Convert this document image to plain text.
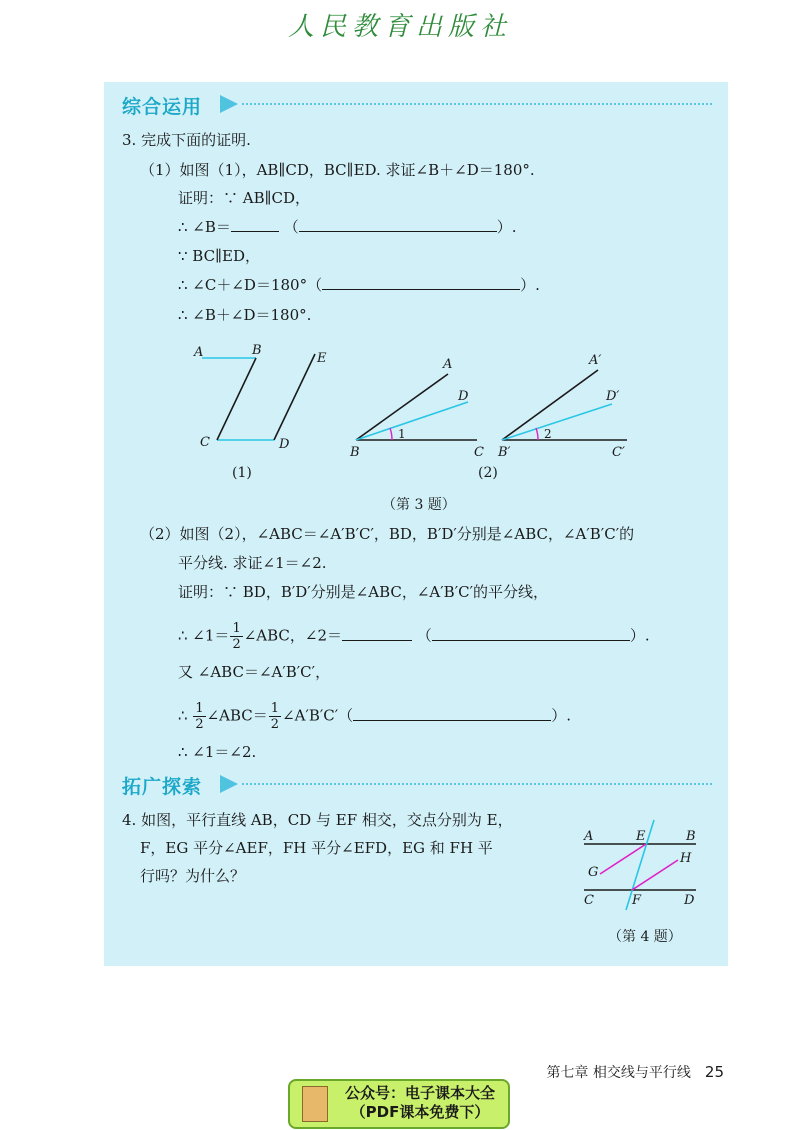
人民教育出版社
综合运用
3. 完成下面的证明.
（1）如图（1），AB∥CD，BC∥ED. 求证∠B＋∠D＝180°.
证明：∵ AB∥CD，
∴ ∠B＝	（	）.
∵ BC∥ED，
∴ ∠C＋∠D＝180°（	）.
∴ ∠B＋∠D＝180°.
A	B
E
C	D
A
D
B	C
1
A′
D′
B′	C′
2
(1)	(2)
（第 3 题）
（2）如图（2），∠ABC＝∠A′B′C′，BD，B′D′分别是∠ABC，∠A′B′C′的
平分线. 求证∠1＝∠2.
证明：∵ BD，B′D′分别是∠ABC，∠A′B′C′的平分线，
∴ ∠1＝ $\frac{1}{2}$ ∠ABC，∠2＝	（	）.
又 ∠ABC＝∠A′B′C′，
∴ $\frac{1}{2}$ ∠ABC＝ $\frac{1}{2}$ ∠A′B′C′（	）.
∴ ∠1＝∠2.
拓广探索
4. 如图，平行直线 AB，CD 与 EF 相交，交点分别为 E，
F，EG 平分∠AEF，FH 平分∠EFD，EG 和 FH 平
行吗？为什么？
A	E	B
G
H
C	F	D
（第 4 题）
第七章 相交线与平行线 25
公众号：电子课本大全
（PDF课本免费下）
